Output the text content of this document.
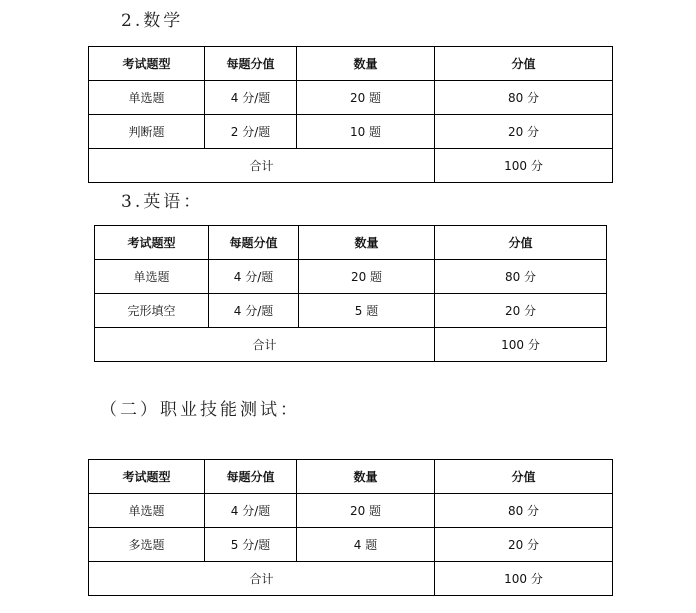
2.数学
考试题型	每题分值	数量	分值
单选题	4 分/题	20 题	80 分
判断题	2 分/题	10 题	20 分
合计			100 分
3.英语：
考试题型	每题分值	数量	分值
单选题	4 分/题	20 题	80 分
完形填空	4 分/题	5 题	20 分
合计			100 分
（二）职业技能测试：
考试题型	每题分值	数量	分值
单选题	4 分/题	20 题	80 分
多选题	5 分/题	4 题	20 分
合计			100 分
